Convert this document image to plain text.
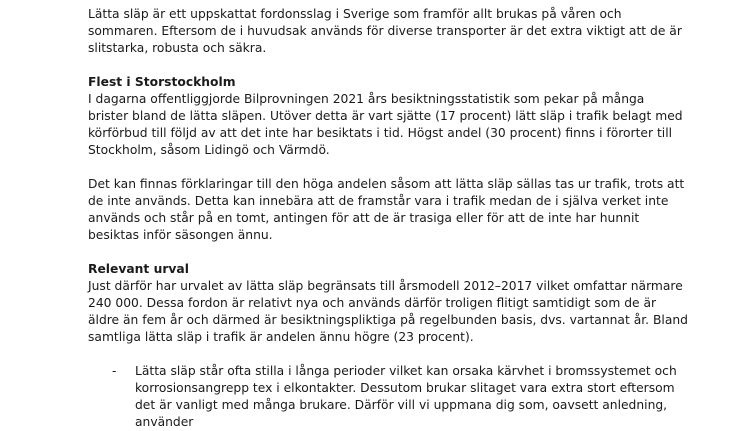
Lätta släp är ett uppskattat fordonsslag i Sverige som framför allt brukas på våren och sommaren. Eftersom de i huvudsak används för diverse transporter är det extra viktigt att de är slitstarka, robusta och säkra.

Flest i Storstockholm

I dagarna offentliggjorde Bilprovningen 2021 års besiktningsstatistik som pekar på många brister bland de lätta släpen. Utöver detta är vart sjätte (17 procent) lätt släp i trafik belagt med körförbud till följd av att det inte har besiktats i tid. Högst andel (30 procent) finns i förorter till Stockholm, såsom Lidingö och Värmdö.

Det kan finnas förklaringar till den höga andelen såsom att lätta släp sällas tas ur trafik, trots att de inte används. Detta kan innebära att de framstår vara i trafik medan de i själva verket inte används och står på en tomt, antingen för att de är trasiga eller för att de inte har hunnit besiktas inför säsongen ännu.

Relevant urval

Just därför har urvalet av lätta släp begränsats till årsmodell 2012–2017 vilket omfattar närmare 240 000. Dessa fordon är relativt nya och används därför troligen flitigt samtidigt som de är äldre än fem år och därmed är besiktningspliktiga på regelbunden basis, dvs. vartannat år. Bland samtliga lätta släp i trafik är andelen ännu högre (23 procent).

- Lätta släp står ofta stilla i långa perioder vilket kan orsaka kärvhet i bromssystemet och korrosionsangrepp tex i elkontakter. Dessutom brukar slitaget vara extra stort eftersom det är vanligt med många brukare. Därför vill vi uppmana dig som, oavsett anledning, använder
